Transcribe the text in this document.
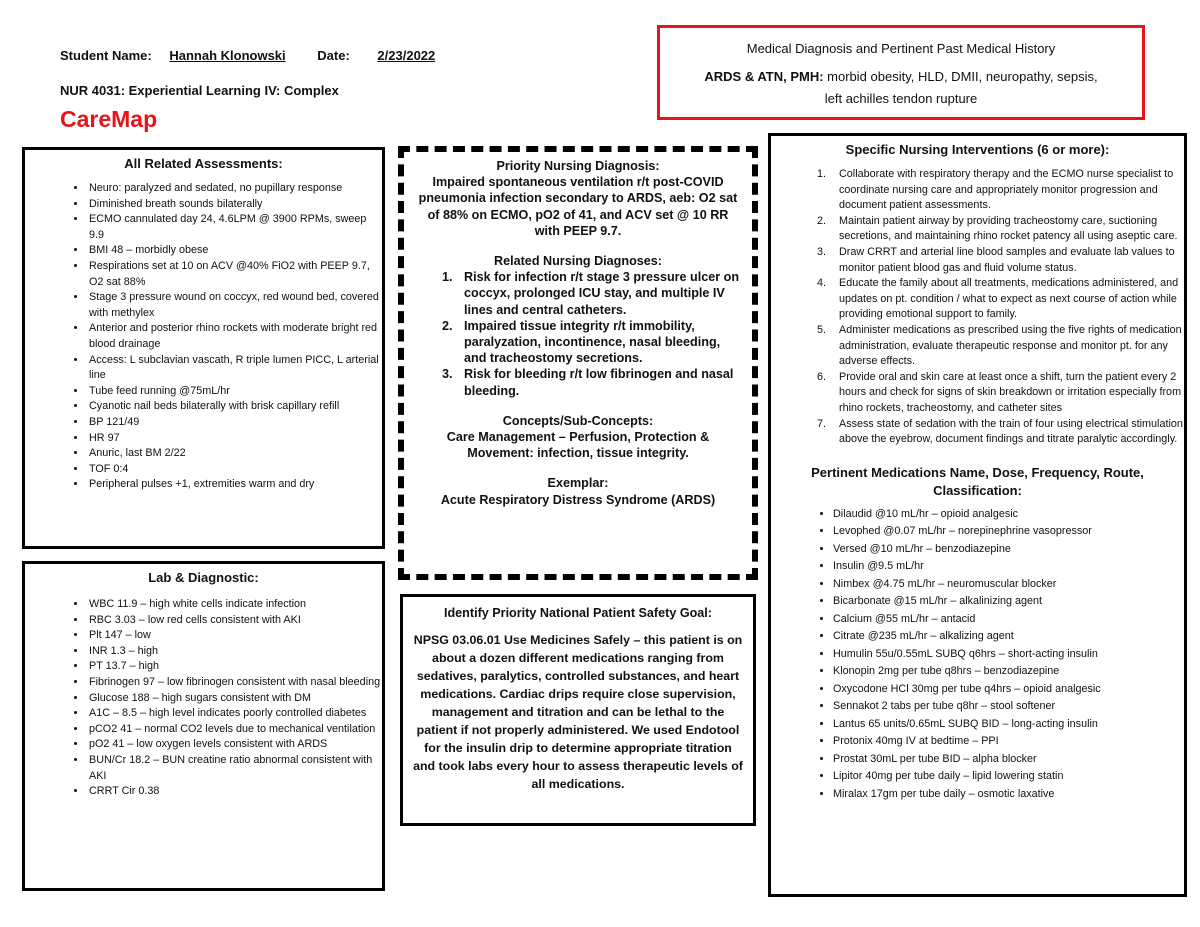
Student Name: Hannah Klonowski Date: 2/23/2022
NUR 4031: Experiential Learning IV: Complex
CareMap
Medical Diagnosis and Pertinent Past Medical History
ARDS & ATN, PMH: morbid obesity, HLD, DMII, neuropathy, sepsis,
left achilles tendon rupture

All Related Assessments:

• Neuro: paralyzed and sedated, no pupillary response
• Diminished breath sounds bilaterally
• ECMO cannulated day 24, 4.6LPM @ 3900 RPMs, sweep 9.9
• BMI 48 – morbidly obese
• Respirations set at 10 on ACV @40% FiO2 with PEEP 9.7, O2 sat 88%
• Stage 3 pressure wound on coccyx, red wound bed, covered with methylex
• Anterior and posterior rhino rockets with moderate bright red blood drainage
• Access: L subclavian vascath, R triple lumen PICC, L arterial line
• Tube feed running @75mL/hr
• Cyanotic nail beds bilaterally with brisk capillary refill
• BP 121/49
• HR 97
• Anuric, last BM 2/22
• TOF 0:4
• Peripheral pulses +1, extremities warm and dry

Lab & Diagnostic:

• WBC 11.9 – high white cells indicate infection
• RBC 3.03 – low red cells consistent with AKI
• Plt 147 – low
• INR 1.3 – high
• PT 13.7 – high
• Fibrinogen 97 – low fibrinogen consistent with nasal bleeding
• Glucose 188 – high sugars consistent with DM
• A1C – 8.5 – high level indicates poorly controlled diabetes
• pCO2 41 – normal CO2 levels due to mechanical ventilation
• pO2 41 – low oxygen levels consistent with ARDS
• BUN/Cr 18.2 – BUN creatine ratio abnormal consistent with AKI
• CRRT Cir 0.38
Priority Nursing Diagnosis:
Impaired spontaneous ventilation r/t post-COVID pneumonia infection secondary to ARDS, aeb: O2 sat of 88% on ECMO, pO2 of 41, and ACV set @ 10 RR with PEEP 9.7.
Related Nursing Diagnoses:
1. Risk for infection r/t stage 3 pressure ulcer on coccyx, prolonged ICU stay, and multiple IV lines and central catheters.
2. Impaired tissue integrity r/t immobility, paralyzation, incontinence, nasal bleeding, and tracheostomy secretions.
3. Risk for bleeding r/t low fibrinogen and nasal bleeding.
Concepts/Sub-Concepts:
Care Management – Perfusion, Protection & Movement: infection, tissue integrity.
Exemplar:
Acute Respiratory Distress Syndrome (ARDS)
Identify Priority National Patient Safety Goal:
NPSG 03.06.01 Use Medicines Safely – this patient is on about a dozen different medications ranging from sedatives, paralytics, controlled substances, and heart medications. Cardiac drips require close supervision, management and titration and can be lethal to the patient if not properly administered. We used Endotool for the insulin drip to determine appropriate titration and took labs every hour to assess therapeutic levels of all medications.

Specific Nursing Interventions (6 or more):

1. Collaborate with respiratory therapy and the ECMO nurse specialist to coordinate nursing care and appropriately monitor progression and document patient assessments.
2. Maintain patient airway by providing tracheostomy care, suctioning secretions, and maintaining rhino rocket patency all using aseptic care.
3. Draw CRRT and arterial line blood samples and evaluate lab values to monitor patient blood gas and fluid volume status.
4. Educate the family about all treatments, medications administered, and updates on pt. condition / what to expect as next course of action while providing emotional support to family.
5. Administer medications as prescribed using the five rights of medication administration, evaluate therapeutic response and monitor pt. for any adverse effects.
6. Provide oral and skin care at least once a shift, turn the patient every 2 hours and check for signs of skin breakdown or irritation especially from rhino rockets, tracheostomy, and catheter sites
7. Assess state of sedation with the train of four using electrical stimulation above the eyebrow, document findings and titrate paralytic accordingly.

Pertinent Medications Name, Dose, Frequency, Route, Classification:

• Dilaudid @10 mL/hr – opioid analgesic
• Levophed @0.07 mL/hr – norepinephrine vasopressor
• Versed @10 mL/hr – benzodiazepine
• Insulin @9.5 mL/hr
• Nimbex @4.75 mL/hr – neuromuscular blocker
• Bicarbonate @15 mL/hr – alkalinizing agent
• Calcium @55 mL/hr – antacid
• Citrate @235 mL/hr – alkalizing agent
• Humulin 55u/0.55mL SUBQ q6hrs – short-acting insulin
• Klonopin 2mg per tube q8hrs – benzodiazepine
• Oxycodone HCl 30mg per tube q4hrs – opioid analgesic
• Sennakot 2 tabs per tube q8hr – stool softener
• Lantus 65 units/0.65mL SUBQ BID – long-acting insulin
• Protonix 40mg IV at bedtime – PPI
• Prostat 30mL per tube BID – alpha blocker
• Lipitor 40mg per tube daily – lipid lowering statin
• Miralax 17gm per tube daily – osmotic laxative
